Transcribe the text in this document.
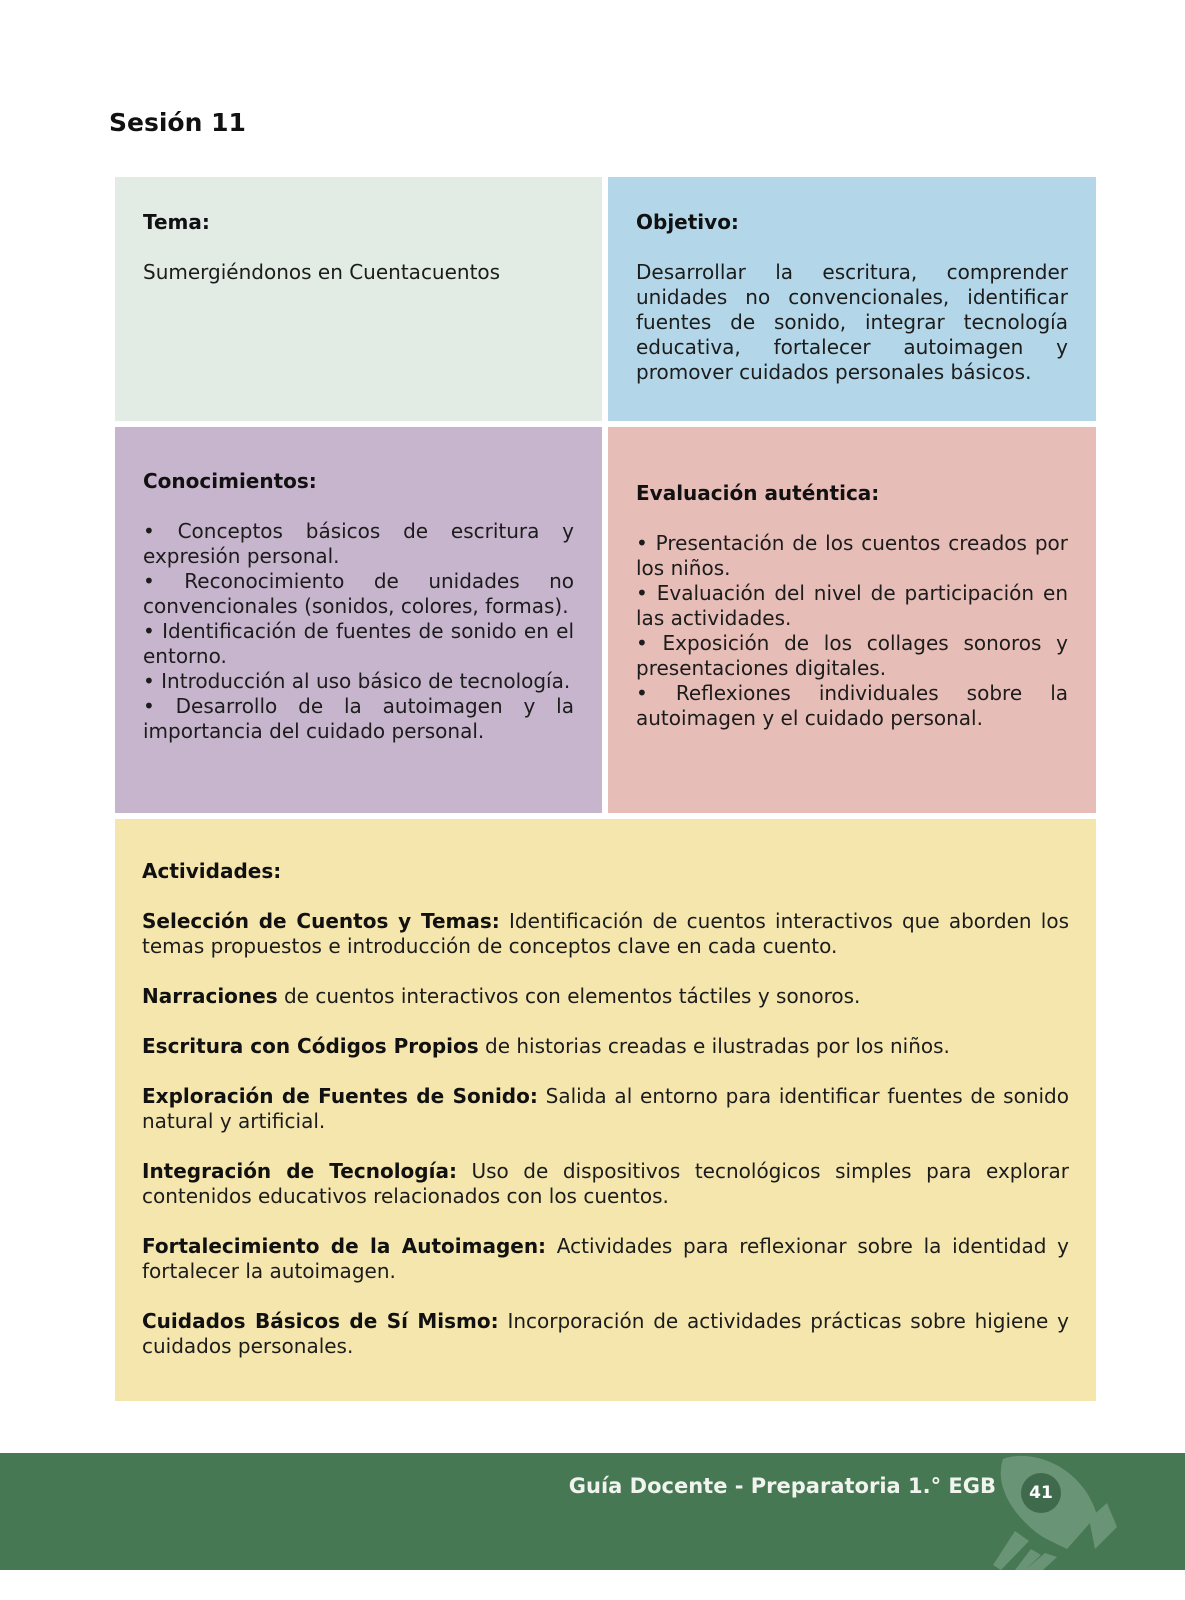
Sesión 11
Tema:

Sumergiéndonos en Cuentacuentos

Objetivo:

Desarrollar la escritura, comprender unidades no convencionales, identificar fuentes de sonido, integrar tecnología educativa, fortalecer autoimagen y promover cuidados personales básicos.

Conocimientos:
• Conceptos básicos de escritura y expresión personal.
• Reconocimiento de unidades no convencionales (sonidos, colores, formas).
• Identificación de fuentes de sonido en el entorno.
• Introducción al uso básico de tecnología.
• Desarrollo de la autoimagen y la importancia del cuidado personal.
Evaluación auténtica:
• Presentación de los cuentos creados por los niños.
• Evaluación del nivel de participación en las actividades.
• Exposición de los collages sonoros y presentaciones digitales.
• Reflexiones individuales sobre la autoimagen y el cuidado personal.
Actividades:

Selección de Cuentos y Temas: Identificación de cuentos interactivos que aborden los temas propuestos e introducción de conceptos clave en cada cuento.

Narraciones de cuentos interactivos con elementos táctiles y sonoros.

Escritura con Códigos Propios de historias creadas e ilustradas por los niños.

Exploración de Fuentes de Sonido: Salida al entorno para identificar fuentes de sonido natural y artificial.

Integración de Tecnología: Uso de dispositivos tecnológicos simples para explorar contenidos educativos relacionados con los cuentos.

Fortalecimiento de la Autoimagen: Actividades para reflexionar sobre la identidad y fortalecer la autoimagen.

Cuidados Básicos de Sí Mismo: Incorporación de actividades prácticas sobre higiene y cuidados personales.

Guía Docente - Preparatoria 1.° EGB	41
